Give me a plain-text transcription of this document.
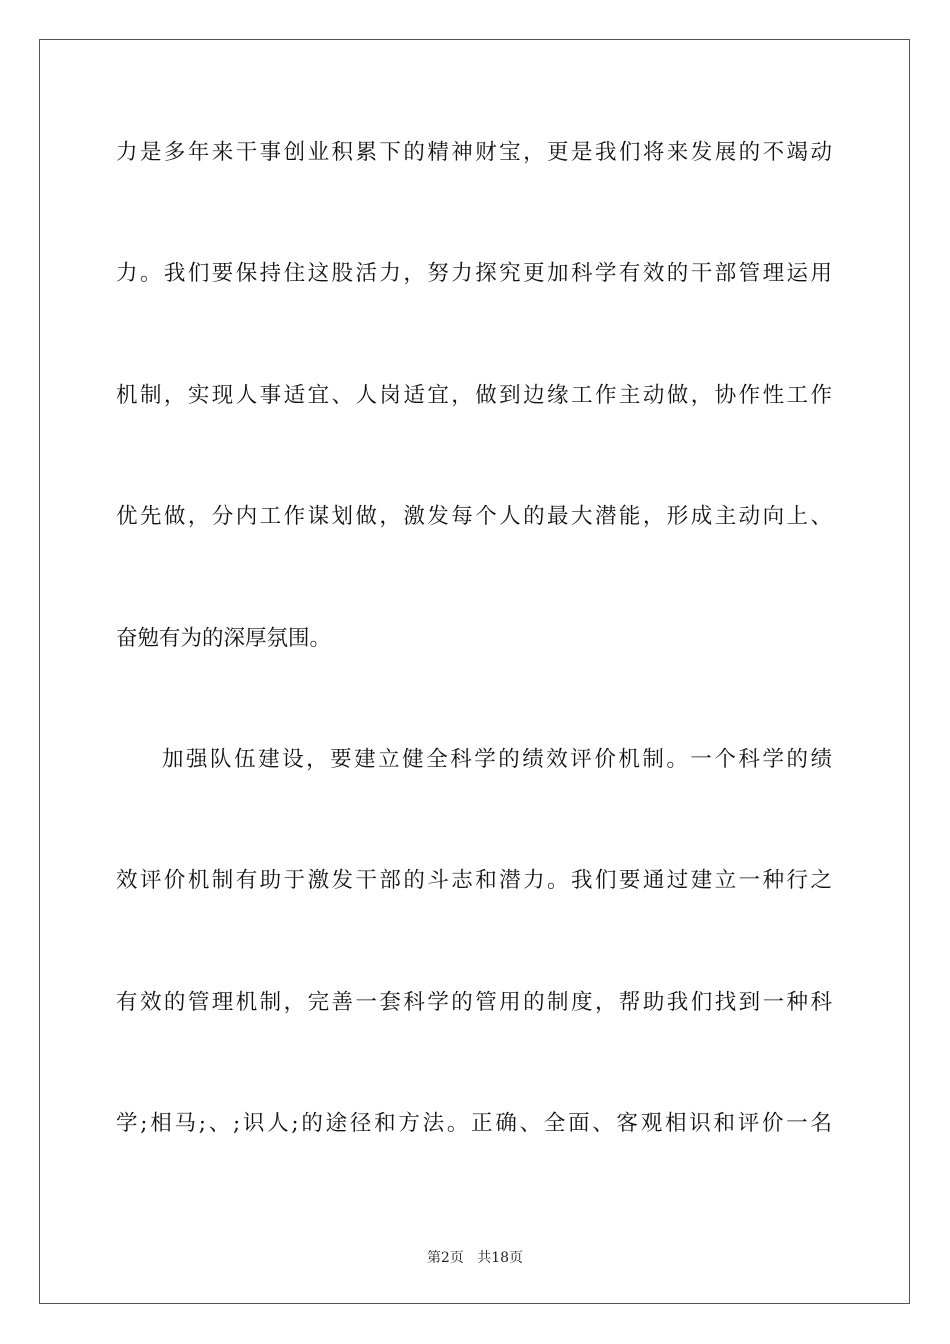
力是多年来干事创业积累下的精神财宝，更是我们将来发展的不竭动
力。我们要保持住这股活力，努力探究更加科学有效的干部管理运用
机制，实现人事适宜、人岗适宜，做到边缘工作主动做，协作性工作
优先做，分内工作谋划做，激发每个人的最大潜能，形成主动向上、
奋勉有为的深厚氛围。
加强队伍建设，要建立健全科学的绩效评价机制。一个科学的绩
效评价机制有助于激发干部的斗志和潜力。我们要通过建立一种行之
有效的管理机制，完善一套科学的管用的制度，帮助我们找到一种科
学;相马;、;识人;的途径和方法。正确、全面、客观相识和评价一名
第2页 共18页
